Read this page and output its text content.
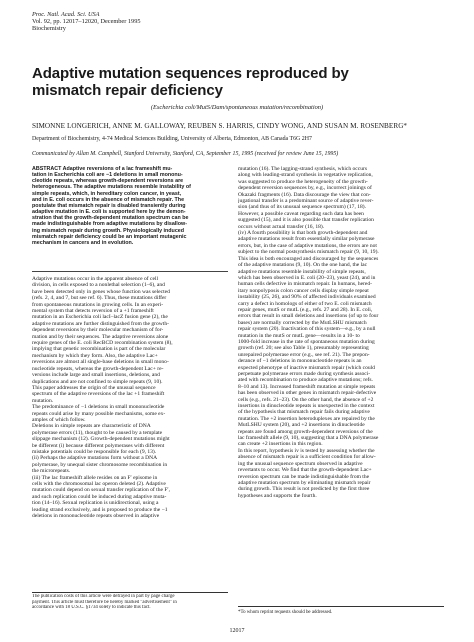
Proc. Natl. Acad. Sci. USA
Vol. 92, pp. 12017–12020, December 1995
Biochemistry
Adaptive mutation sequences reproduced by
mismatch repair deficiency
(Escherichia coli/MutS/Dam/spontaneous mutation/recombination)
SIMONNE LONGERICH, ANNE M. GALLOWAY, REUBEN S. HARRIS, CINDY WONG, AND SUSAN M. ROSENBERG*
Department of Biochemistry, 4-74 Medical Sciences Building, University of Alberta, Edmonton, AB Canada T6G 2H7
Communicated by Allan M. Campbell, Stanford University, Stanford, CA, September 15, 1995 (received for review June 15, 1995)
ABSTRACT Adaptive reversions of a lac frameshift mu-
tation in Escherichia coli are −1 deletions in small mononu-
cleotide repeats, whereas growth-dependent reversions are
heterogeneous. The adaptive mutations resemble instability of
simple repeats, which, in hereditary colon cancer, in yeast,
and in E. coli occurs in the absence of mismatch repair. The
postulate that mismatch repair is disabled transiently during
adaptive mutation in E. coli is supported here by the demon-
stration that the growth-dependent mutation spectrum can be
made indistinguishable from adaptive mutations by disallow-
ing mismatch repair during growth. Physiologically induced
mismatch repair deficiency could be an important mutagenic
mechanism in cancers and in evolution.
Adaptive mutations occur in the apparent absence of cell
division, in cells exposed to a nonlethal selection (1–6), and
have been detected only in genes whose function was selected
(refs. 2, 4, and 7, but see ref. 6). Thus, these mutations differ
from spontaneous mutations in growing cells. In an experi-
mental system that detects reversion of a +1 frameshift
mutation in an Escherichia coli lacI–lacZ fusion gene (2), the
adaptive mutations are further distinguished from the growth-
dependent reversions by their molecular mechanism of for-
mation and by their sequences. The adaptive reversions alone
require genes of the E. coli RecBCD recombination system (8),
implying that genetic recombination is part of the molecular
mechanism by which they form. Also, the adaptive Lac+
reversions are almost all single-base deletions in small mono-
nucleotide repeats, whereas the growth-dependent Lac+ re-
versions include large and small insertions, deletions, and
duplications and are not confined to simple repeats (9, 10).
This paper addresses the origin of the unusual sequence
spectrum of the adaptive reversions of the lac +1 frameshift
mutation.
The predominance of −1 deletions in small mononucleotide
repeats could arise by many possible mechanisms, some ex-
amples of which follow.
Deletions in simple repeats are characteristic of DNA
polymerase errors (11), thought to be caused by a template
slippage mechanism (12). Growth-dependent mutations might
be different (i) because different polymerases with different
mistake potentials could be responsible for each (9, 13).
(ii) Perhaps the adaptive mutations form without a DNA
polymerase, by unequal sister chromosome recombination in
the microrepeats.
(iii) The lac frameshift allele resides on an F′ episome in
cells with the chromosomal lac operon deleted (2). Adaptive
mutation could depend on sexual transfer replication of the F′,
and such replication could be induced during adaptive muta-
tion (14–16). Sexual replication is unidirectional, using a
leading strand exclusively, and is proposed to produce the −1
deletions in mononucleotide repeats observed in adaptive
The publication costs of this article were defrayed in part by page charge
payment. This article must therefore be hereby marked "advertisement" in
accordance with 18 U.S.C. §1734 solely to indicate this fact.
mutation (16). The lagging-strand synthesis, which occurs
along with leading-strand synthesis in vegetative replication,
was suggested to produce the heterogeneity of the growth-
dependent reversion sequences by, e.g., incorrect joinings of
Okazaki fragments (16). Data discourage the view that con-
jugational transfer is a predominant source of adaptive rever-
sion (and thus of its unusual sequence spectrum) (17, 18).
However, a possible caveat regarding such data has been
suggested (15), and it is also possible that transfer replication
occurs without actual transfer (16, 18).
(iv) A fourth possibility is that both growth-dependent and
adaptive mutations result from essentially similar polymerase
errors, but, in the case of adaptive mutations, the errors are not
subject to the normal postsynthesis mismatch repair (9, 10, 19).
This idea is both encouraged and discouraged by the sequences
of the adaptive mutations (9, 10). On the one hand, the lac
adaptive mutations resemble instability of simple repeats,
which has been observed in E. coli (20–23), yeast (24), and in
human cells defective in mismatch repair. In humans, hered-
itary nonpolyposis colon cancer cells display simple repeat
instability (25, 26), and 90% of affected individuals examined
carry a defect in homologs of either of two E. coli mismatch
repair genes, mutS or mutL (e.g., refs. 27 and 28). In E. coli,
errors that result in small deletions and insertions (of up to four
bases) are normally corrected by the MutLSHU mismatch
repair system (20). Inactivation of this system—e.g., by a null
mutation in the mutS or mutL gene—results in a 10- to
1000-fold increase in the rate of spontaneous mutation during
growth (ref. 20; see also Table 1), presumably representing
unrepaired polymerase error (e.g., see ref. 21). The prepon-
derance of −1 deletions in mononucleotide repeats is an
expected phenotype of inactive mismatch repair (which could
perpetuate polymerase errors made during synthesis associ-
ated with recombination to produce adaptive mutations; refs.
8–10 and 13). Increased frameshift mutation at simple repeats
has been observed in other genes in mismatch repair-defective
cells (e.g., refs. 21–23). On the other hand, the absence of +2
insertions in dinucleotide repeats is unexpected in the context
of the hypothesis that mismatch repair fails during adaptive
mutation. The +2 insertion heteroduplexes are repaired by the
MutLSHU system (20), and +2 insertions in dinucleotide
repeats are found among growth-dependent reversions of the
lac frameshift allele (9, 10), suggesting that a DNA polymerase
can create +2 insertions in this region.
In this report, hypothesis iv is tested by assessing whether the
absence of mismatch repair is a sufficient condition for allow-
ing the unusual sequence spectrum observed in adaptive
revertants to occur. We find that the growth-dependent Lac+
reversion spectrum can be made indistinguishable from the
adaptive mutation spectrum by eliminating mismatch repair
during growth. This result is not predicted by the first three
hypotheses and supports the fourth.
*To whom reprint requests should be addressed.
12017
